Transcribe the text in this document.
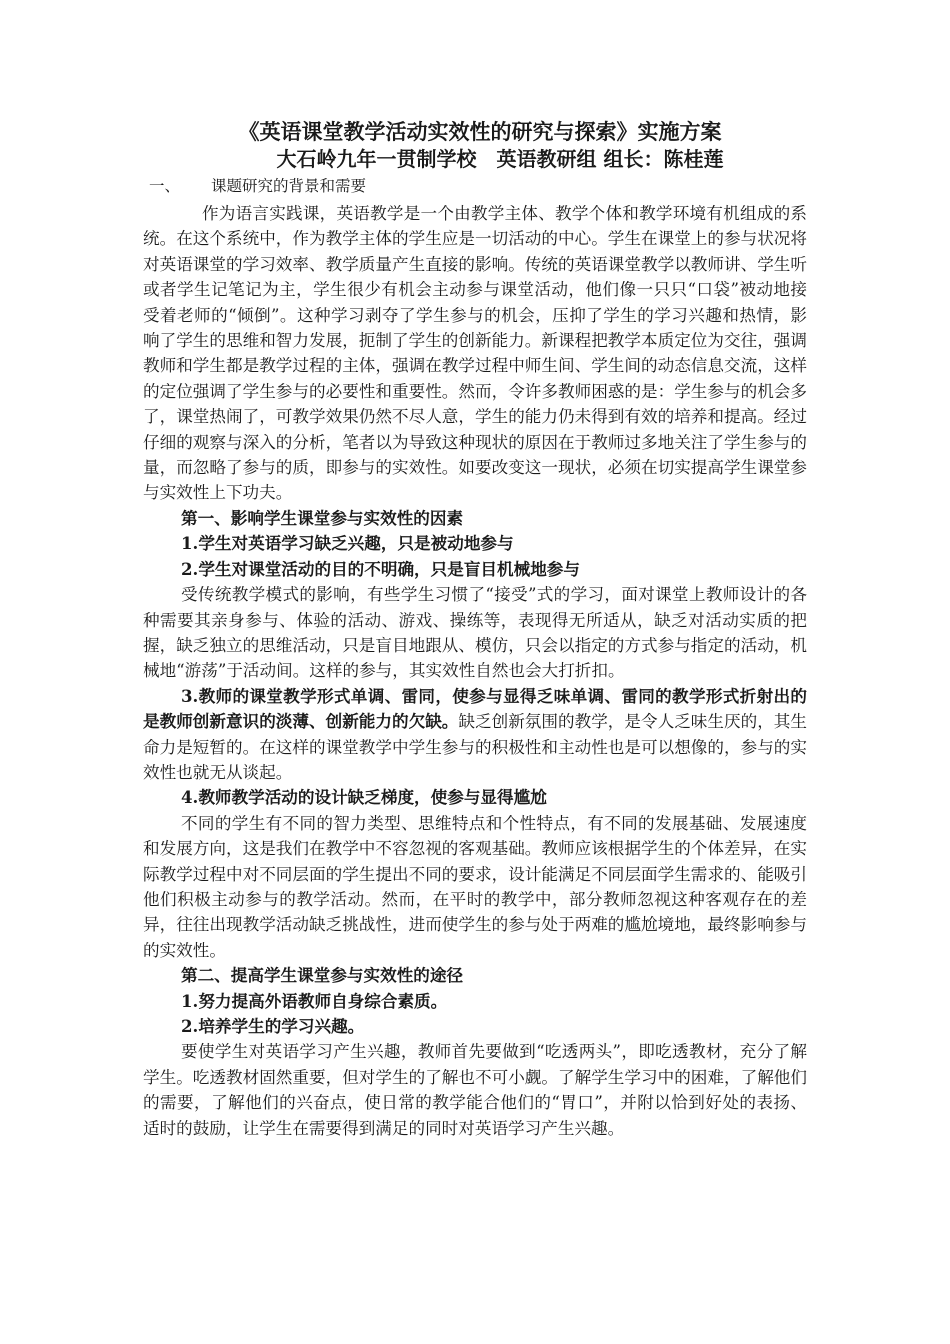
《英语课堂教学活动实效性的研究与探索》实施方案
大石岭九年一贯制学校　英语教研组 组长：陈桂莲
一、 课题研究的背景和需要

作为语言实践课，英语教学是一个由教学主体、教学个体和教学环境有机组成的系统。在这个系统中，作为教学主体的学生应是一切活动的中心。学生在课堂上的参与状况将对英语课堂的学习效率、教学质量产生直接的影响。传统的英语课堂教学以教师讲、学生听或者学生记笔记为主，学生很少有机会主动参与课堂活动，他们像一只只“口袋”被动地接受着老师的“倾倒”。这种学习剥夺了学生参与的机会，压抑了学生的学习兴趣和热情，影响了学生的思维和智力发展，扼制了学生的创新能力。新课程把教学本质定位为交往，强调教师和学生都是教学过程的主体，强调在教学过程中师生间、学生间的动态信息交流，这样的定位强调了学生参与的必要性和重要性。然而，令许多教师困惑的是：学生参与的机会多了，课堂热闹了，可教学效果仍然不尽人意，学生的能力仍未得到有效的培养和提高。经过仔细的观察与深入的分析，笔者以为导致这种现状的原因在于教师过多地关注了学生参与的量，而忽略了参与的质，即参与的实效性。如要改变这一现状，必须在切实提高学生课堂参与实效性上下功夫。

第一、影响学生课堂参与实效性的因素

1.学生对英语学习缺乏兴趣，只是被动地参与

2.学生对课堂活动的目的不明确，只是盲目机械地参与

受传统教学模式的影响，有些学生习惯了“接受”式的学习，面对课堂上教师设计的各种需要其亲身参与、体验的活动、游戏、操练等，表现得无所适从，缺乏对活动实质的把握，缺乏独立的思维活动，只是盲目地跟从、模仿，只会以指定的方式参与指定的活动，机械地“游荡”于活动间。这样的参与，其实效性自然也会大打折扣。

3.教师的课堂教学形式单调、雷同，使参与显得乏味单调、雷同的教学形式折射出的是教师创新意识的淡薄、创新能力的欠缺。缺乏创新氛围的教学，是令人乏味生厌的，其生命力是短暂的。在这样的课堂教学中学生参与的积极性和主动性也是可以想像的，参与的实效性也就无从谈起。

4.教师教学活动的设计缺乏梯度，使参与显得尴尬

不同的学生有不同的智力类型、思维特点和个性特点，有不同的发展基础、发展速度和发展方向，这是我们在教学中不容忽视的客观基础。教师应该根据学生的个体差异，在实际教学过程中对不同层面的学生提出不同的要求，设计能满足不同层面学生需求的、能吸引他们积极主动参与的教学活动。然而，在平时的教学中，部分教师忽视这种客观存在的差异，往往出现教学活动缺乏挑战性，进而使学生的参与处于两难的尴尬境地，最终影响参与的实效性。

第二、提高学生课堂参与实效性的途径

1.努力提高外语教师自身综合素质。

2.培养学生的学习兴趣。

要使学生对英语学习产生兴趣，教师首先要做到“吃透两头”，即吃透教材，充分了解学生。吃透教材固然重要，但对学生的了解也不可小觑。了解学生学习中的困难，了解他们的需要，了解他们的兴奋点，使日常的教学能合他们的“胃口”，并附以恰到好处的表扬、适时的鼓励，让学生在需要得到满足的同时对英语学习产生兴趣。
